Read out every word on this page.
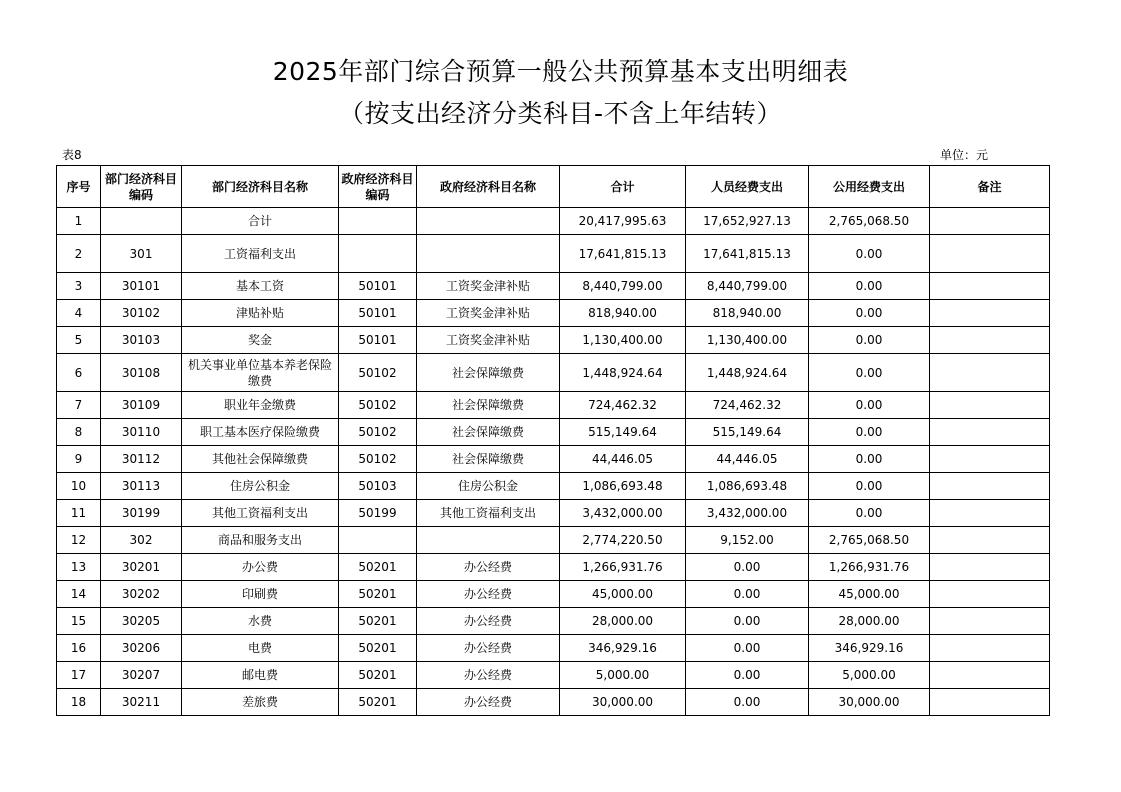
2025年部门综合预算一般公共预算基本支出明细表
（按支出经济分类科目-不含上年结转）
表8	单位：元
序号	部门经济科目编码	部门经济科目名称	政府经济科目编码	政府经济科目名称	合计	人员经费支出	公用经费支出	备注
1		合计			20,417,995.63	17,652,927.13	2,765,068.50	
2	301	工资福利支出			17,641,815.13	17,641,815.13	0.00	
3	30101	基本工资	50101	工资奖金津补贴	8,440,799.00	8,440,799.00	0.00	
4	30102	津贴补贴	50101	工资奖金津补贴	818,940.00	818,940.00	0.00	
5	30103	奖金	50101	工资奖金津补贴	1,130,400.00	1,130,400.00	0.00	
6	30108	机关事业单位基本养老保险缴费	50102	社会保障缴费	1,448,924.64	1,448,924.64	0.00	
7	30109	职业年金缴费	50102	社会保障缴费	724,462.32	724,462.32	0.00	
8	30110	职工基本医疗保险缴费	50102	社会保障缴费	515,149.64	515,149.64	0.00	
9	30112	其他社会保障缴费	50102	社会保障缴费	44,446.05	44,446.05	0.00	
10	30113	住房公积金	50103	住房公积金	1,086,693.48	1,086,693.48	0.00	
11	30199	其他工资福利支出	50199	其他工资福利支出	3,432,000.00	3,432,000.00	0.00	
12	302	商品和服务支出			2,774,220.50	9,152.00	2,765,068.50	
13	30201	办公费	50201	办公经费	1,266,931.76	0.00	1,266,931.76	
14	30202	印刷费	50201	办公经费	45,000.00	0.00	45,000.00	
15	30205	水费	50201	办公经费	28,000.00	0.00	28,000.00	
16	30206	电费	50201	办公经费	346,929.16	0.00	346,929.16	
17	30207	邮电费	50201	办公经费	5,000.00	0.00	5,000.00	
18	30211	差旅费	50201	办公经费	30,000.00	0.00	30,000.00	
